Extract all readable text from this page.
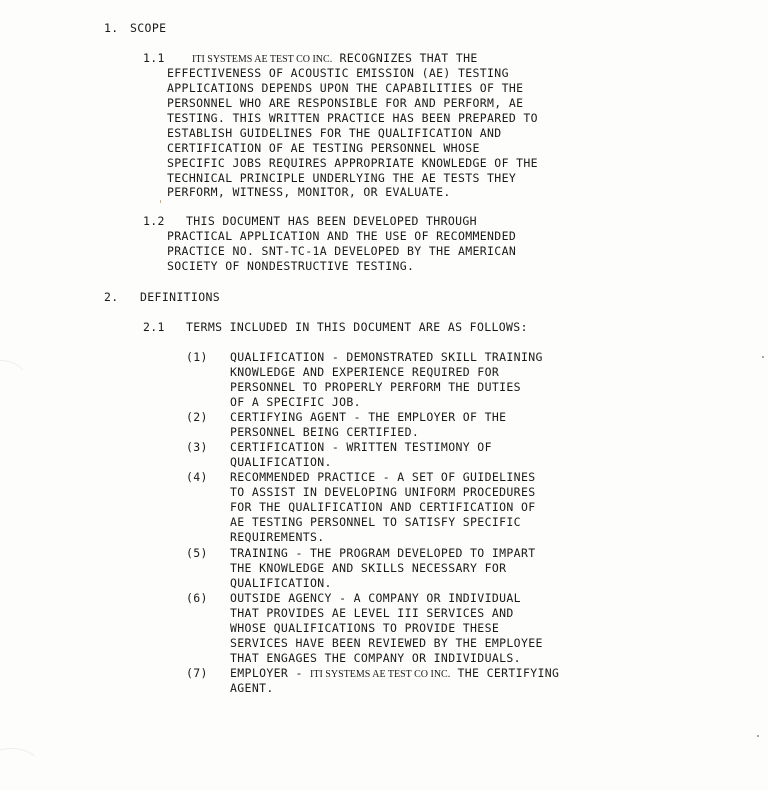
1. SCOPE
1.1	ITI SYSTEMS AE TEST CO INC. RECOGNIZES THAT THE
EFFECTIVENESS OF ACOUSTIC EMISSION (AE) TESTING
APPLICATIONS DEPENDS UPON THE CAPABILITIES OF THE
PERSONNEL WHO ARE RESPONSIBLE FOR AND PERFORM, AE
TESTING. THIS WRITTEN PRACTICE HAS BEEN PREPARED TO
ESTABLISH GUIDELINES FOR THE QUALIFICATION AND
CERTIFICATION OF AE TESTING PERSONNEL WHOSE
SPECIFIC JOBS REQUIRES APPROPRIATE KNOWLEDGE OF THE
TECHNICAL PRINCIPLE UNDERLYING THE AE TESTS THEY
PERFORM, WITNESS, MONITOR, OR EVALUATE.
1.2 THIS DOCUMENT HAS BEEN DEVELOPED THROUGH
PRACTICAL APPLICATION AND THE USE OF RECOMMENDED
PRACTICE NO. SNT-TC-1A DEVELOPED BY THE AMERICAN
SOCIETY OF NONDESTRUCTIVE TESTING.
2. DEFINITIONS
2.1 TERMS INCLUDED IN THIS DOCUMENT ARE AS FOLLOWS:
(1) QUALIFICATION - DEMONSTRATED SKILL TRAINING
KNOWLEDGE AND EXPERIENCE REQUIRED FOR
PERSONNEL TO PROPERLY PERFORM THE DUTIES
OF A SPECIFIC JOB.
(2) CERTIFYING AGENT - THE EMPLOYER OF THE
PERSONNEL BEING CERTIFIED.
(3) CERTIFICATION - WRITTEN TESTIMONY OF
QUALIFICATION.
(4) RECOMMENDED PRACTICE - A SET OF GUIDELINES
TO ASSIST IN DEVELOPING UNIFORM PROCEDURES
FOR THE QUALIFICATION AND CERTIFICATION OF
AE TESTING PERSONNEL TO SATISFY SPECIFIC
REQUIREMENTS.
(5) TRAINING - THE PROGRAM DEVELOPED TO IMPART
THE KNOWLEDGE AND SKILLS NECESSARY FOR
QUALIFICATION.
(6) OUTSIDE AGENCY - A COMPANY OR INDIVIDUAL
THAT PROVIDES AE LEVEL III SERVICES AND
WHOSE QUALIFICATIONS TO PROVIDE THESE
SERVICES HAVE BEEN REVIEWED BY THE EMPLOYEE
THAT ENGAGES THE COMPANY OR INDIVIDUALS.
(7) EMPLOYER - ITI SYSTEMS AE TEST CO INC. THE CERTIFYING
AGENT.
